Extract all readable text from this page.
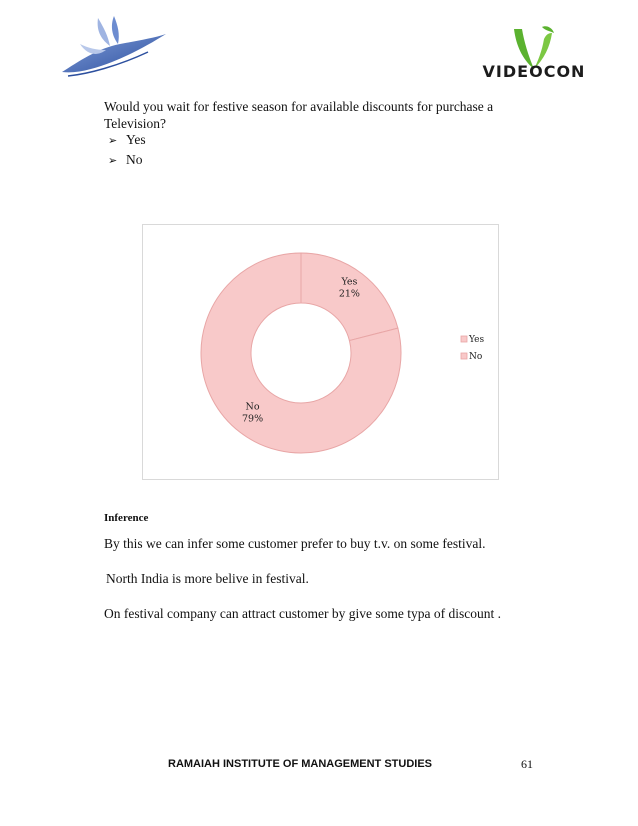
VIDEOCON
Would you wait for festive season for available discounts for purchase a Television?
➢ Yes
➢ No
Yes 21%
No 79%
Yes
No
Inference
By this we can infer some customer prefer to buy t.v. on some festival.
North India is more belive in festival.
On festival company can attract customer by give some typa of discount .
RAMAIAH INSTITUTE OF MANAGEMENT STUDIES	61
